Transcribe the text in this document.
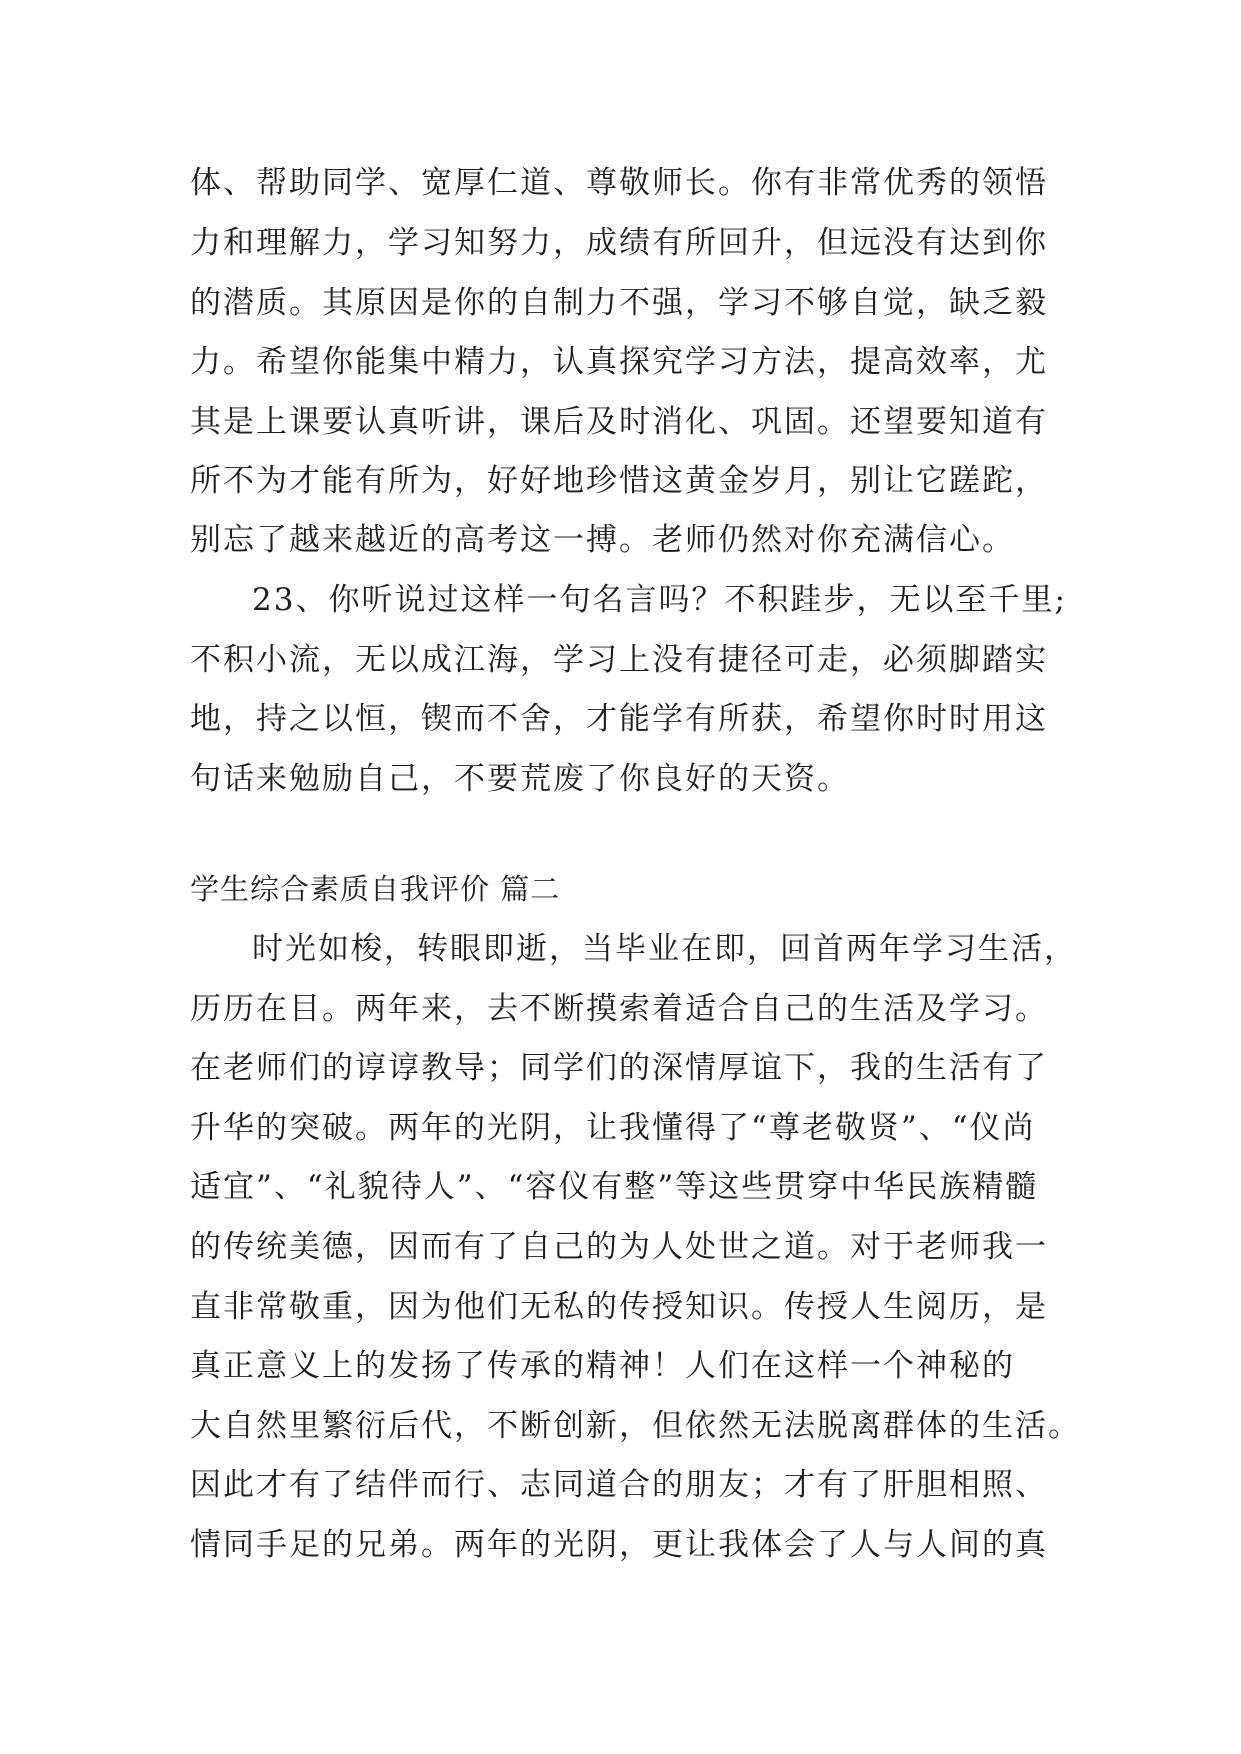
体、帮助同学、宽厚仁道、尊敬师长。你有非常优秀的领悟
力和理解力，学习知努力，成绩有所回升，但远没有达到你
的潜质。其原因是你的自制力不强，学习不够自觉，缺乏毅
力。希望你能集中精力，认真探究学习方法，提高效率，尤
其是上课要认真听讲，课后及时消化、巩固。还望要知道有
所不为才能有所为，好好地珍惜这黄金岁月，别让它蹉跎，
别忘了越来越近的高考这一搏。老师仍然对你充满信心。
23、你听说过这样一句名言吗？不积跬步，无以至千里;
不积小流，无以成江海，学习上没有捷径可走，必须脚踏实
地，持之以恒，锲而不舍，才能学有所获，希望你时时用这
句话来勉励自己，不要荒废了你良好的天资。
学生综合素质自我评价 篇二
时光如梭，转眼即逝，当毕业在即，回首两年学习生活，
历历在目。两年来，去不断摸索着适合自己的生活及学习。
在老师们的谆谆教导；同学们的深情厚谊下，我的生活有了
升华的突破。两年的光阴，让我懂得了“尊老敬贤”、“仪尚
适宜”、“礼貌待人”、“容仪有整”等这些贯穿中华民族精髓
的传统美德，因而有了自己的为人处世之道。对于老师我一
直非常敬重，因为他们无私的传授知识。传授人生阅历，是
真正意义上的发扬了传承的精神！人们在这样一个神秘的
大自然里繁衍后代，不断创新，但依然无法脱离群体的生活。
因此才有了结伴而行、志同道合的朋友；才有了肝胆相照、
情同手足的兄弟。两年的光阴，更让我体会了人与人间的真
